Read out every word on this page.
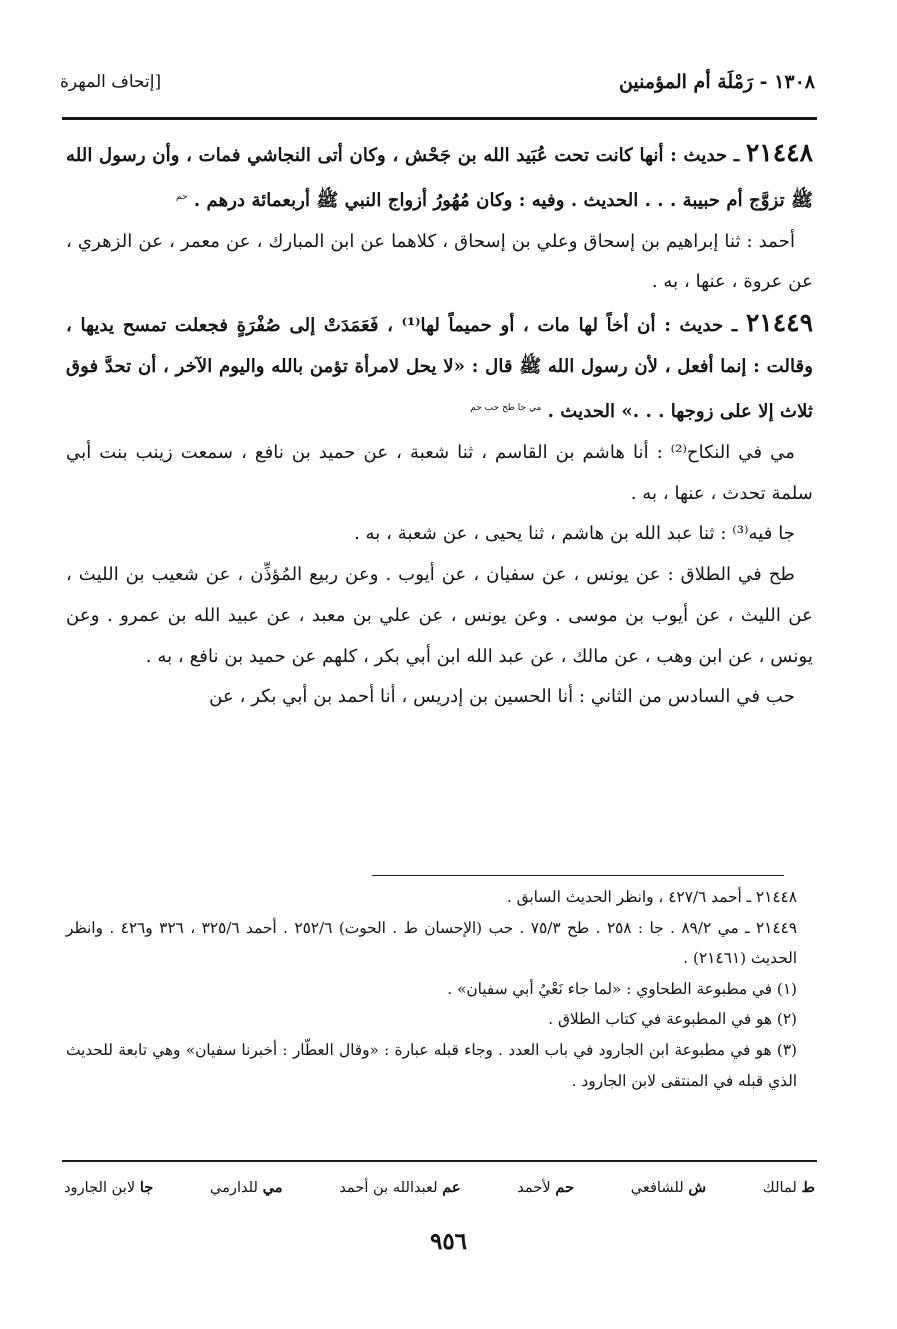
١٣٠٨ - رَمْلَة أم المؤمنين
[إتحاف المهرة

٢١٤٤٨ ـ حديث : أنها كانت تحت عُبَيد الله بن جَحْش ، وكان أتى النجاشي فمات ، وأن رسول الله ﷺ تزوَّج أم حبيبة . . . الحديث . وفيه : وكان مُهُورُ أزواج النبي ﷺ أربعمائة درهم . $^{حم}$

أحمد : ثنا إبراهيم بن إسحاق وعلي بن إسحاق ، كلاهما عن ابن المبارك ، عن معمر ، عن الزهري ، عن عروة ، عنها ، به .

٢١٤٤٩ ـ حديث : أن أخاً لها مات ، أو حميماً لها⁽¹⁾ ، فَعَمَدَتْ إلى صُفْرَةٍ فجعلت تمسح يديها ، وقالت : إنما أفعل ، لأن رسول الله ﷺ قال : «لا يحل لامرأة تؤمن بالله واليوم الآخر ، أن تحدَّ فوق ثلاث إلا على زوجها . . .» الحديث . $^{مي جا طح حب حم}$

مي في النكاح⁽²⁾ : أنا هاشم بن القاسم ، ثنا شعبة ، عن حميد بن نافع ، سمعت زينب بنت أبي سلمة تحدث ، عنها ، به .

جا فيه⁽³⁾ : ثنا عبد الله بن هاشم ، ثنا يحيى ، عن شعبة ، به .

طح في الطلاق : عن يونس ، عن سفيان ، عن أيوب . وعن ربيع المُؤذِّن ، عن شعيب بن الليث ، عن الليث ، عن أيوب بن موسى . وعن يونس ، عن علي بن معبد ، عن عبيد الله بن عمرو . وعن يونس ، عن ابن وهب ، عن مالك ، عن عبد الله ابن أبي بكر ، كلهم عن حميد بن نافع ، به .

حب في السادس من الثاني : أنا الحسين بن إدريس ، أنا أحمد بن أبي بكر ، عن

٢١٤٤٨ ـ أحمد ٤٢٧/٦ ، وانظر الحديث السابق .

٢١٤٤٩ ـ مي ٨٩/٢ . جا : ٢٥٨ . طح ٧٥/٣ . حب (الإحسان ط . الحوت) ٢٥٢/٦ . أحمد ٣٢٥/٦ ، ٣٢٦ و٤٢٦ . وانظر الحديث (٢١٤٦١) .

(١) في مطبوعة الطحاوي : «لما جاء نَعْيُ أبي سفيان» .

(٢) هو في المطبوعة في كتاب الطلاق .

(٣) هو في مطبوعة ابن الجارود في باب العدد . وجاء قبله عبارة : «وقال العطّار : أخبرنا سفيان» وهي تابعة للحديث الذي قبله في المنتقى لابن الجارود .

ط لمالك
ش للشافعي
حم لأحمد
عم لعبدالله بن أحمد
مي للدارمي
جا لابن الجارود
٩٥٦
